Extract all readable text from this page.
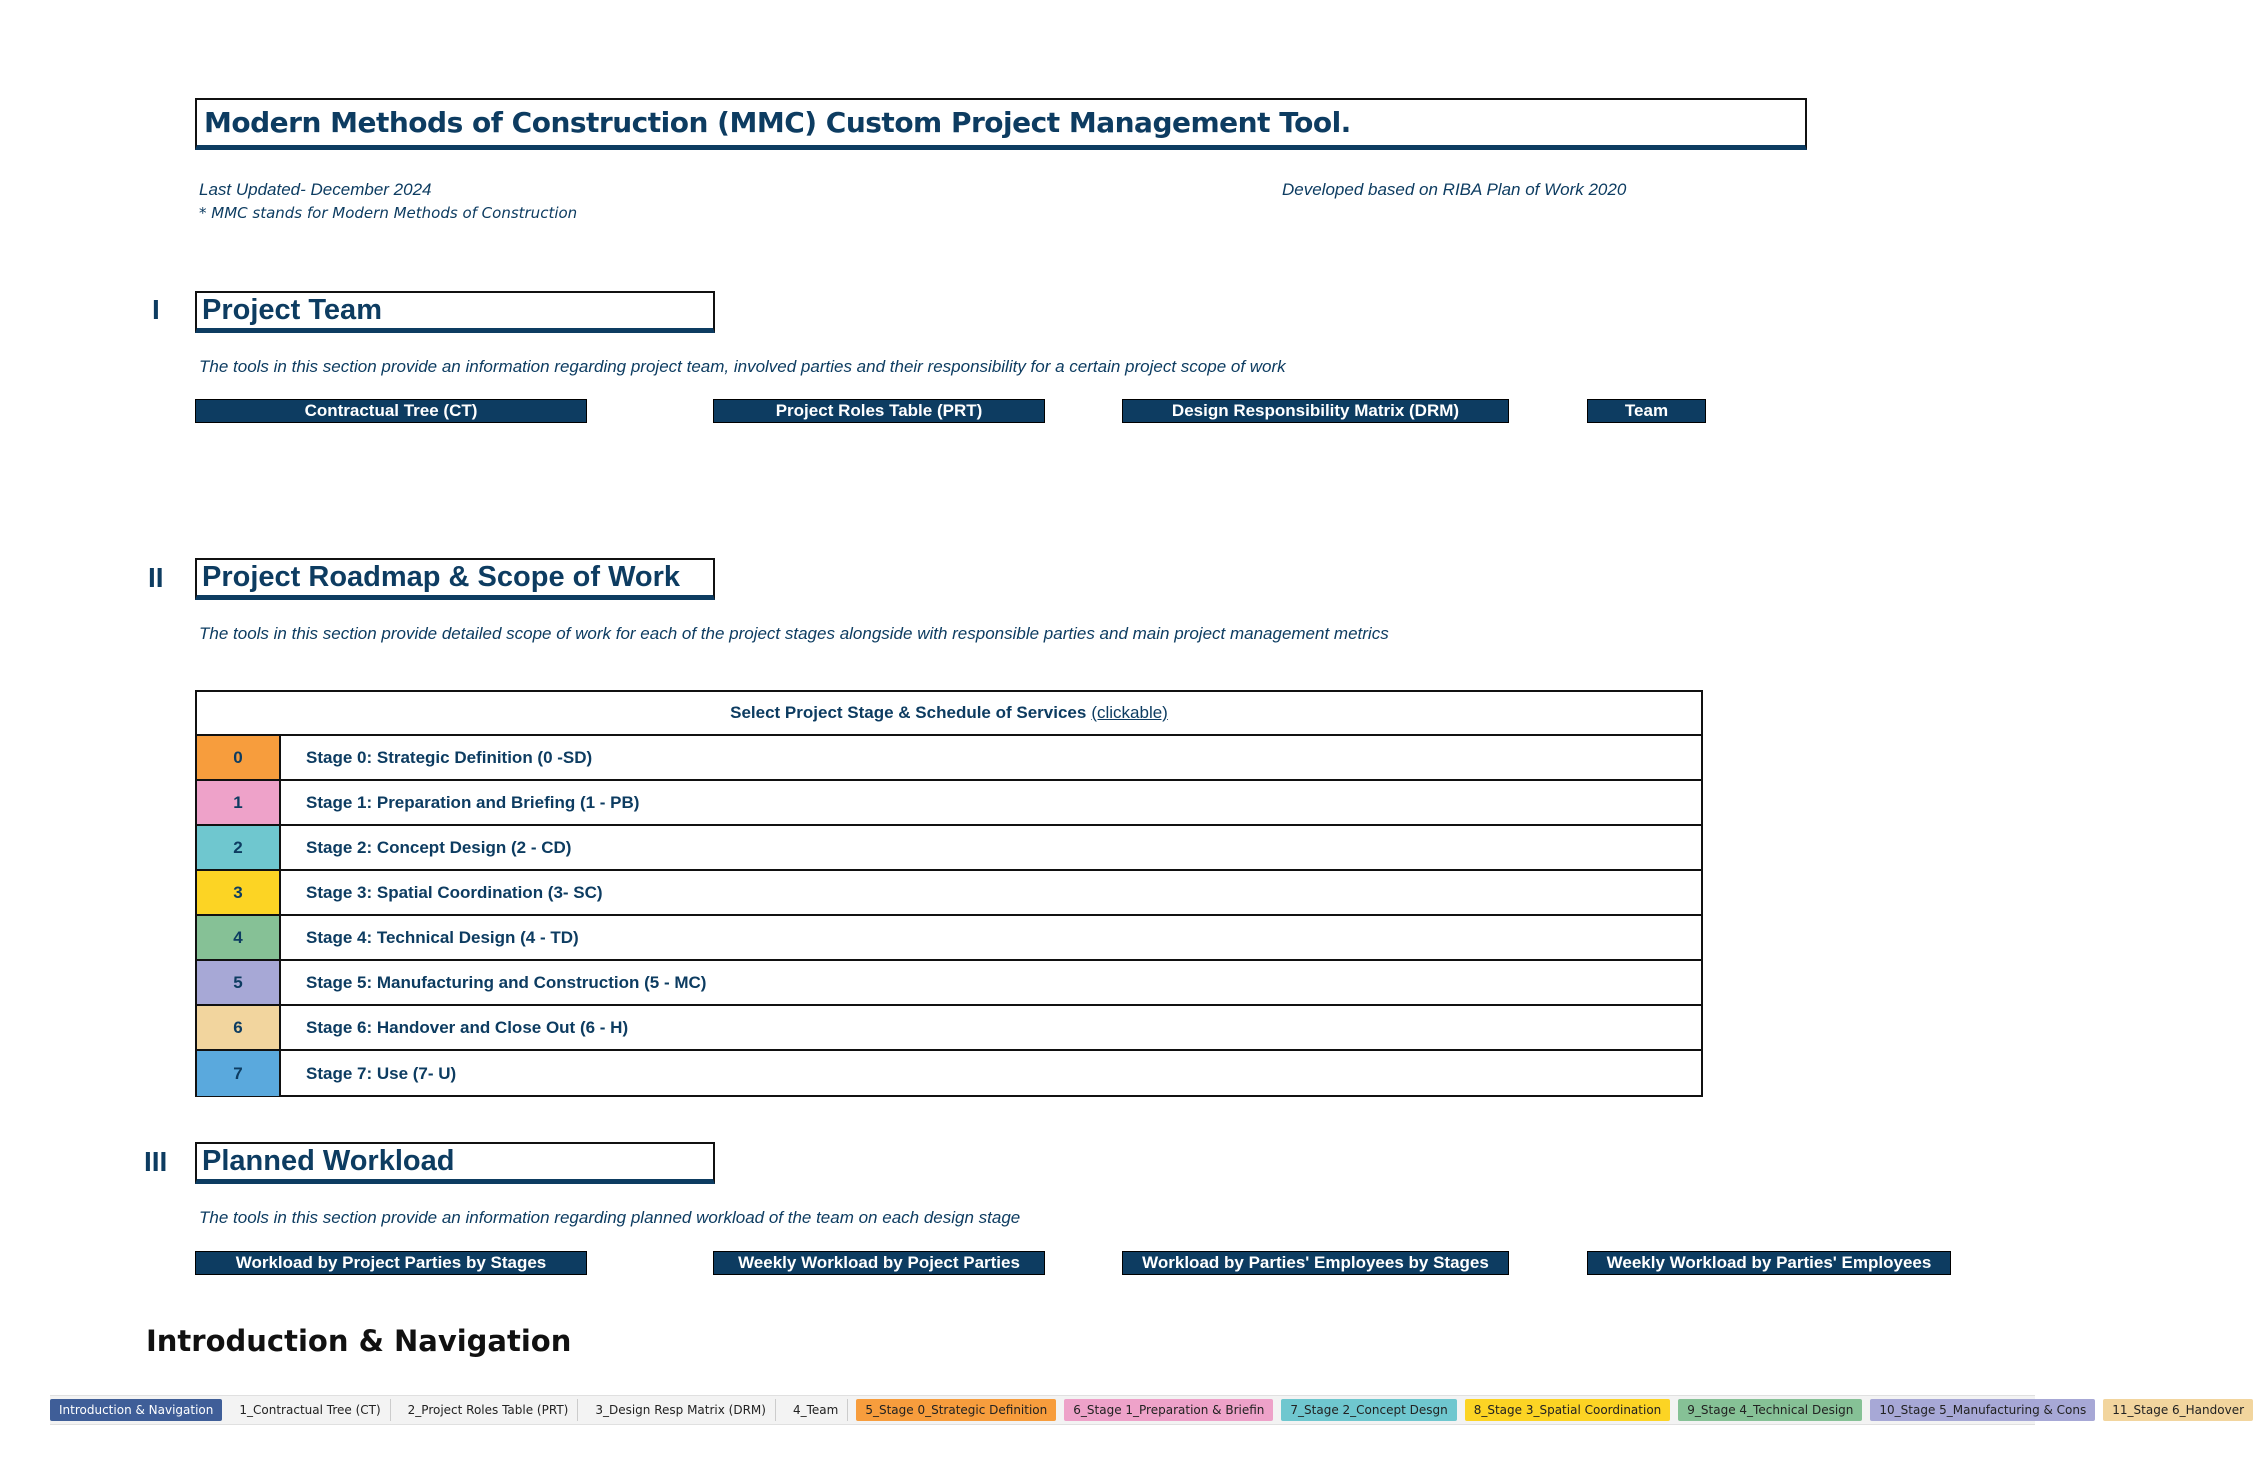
Modern Methods of Construction (MMC) Custom Project Management Tool.
Last Updated- December 2024
* MMC stands for Modern Methods of Construction
Developed based on RIBA Plan of Work 2020
I Project Team
The tools in this section provide an information regarding project team, involved parties and their responsibility for a certain project scope of work
Contractual Tree (CT)	Project Roles Table (PRT)	Design Responsibility Matrix (DRM)	Team
II Project Roadmap & Scope of Work
The tools in this section provide detailed scope of work for each of the project stages alongside with responsible parties and main project management metrics
Select Project Stage & Schedule of Services (clickable)
0	Stage 0: Strategic Definition (0 -SD)
1	Stage 1: Preparation and Briefing (1 - PB)
2	Stage 2: Concept Design (2 - CD)
3	Stage 3: Spatial Coordination (3- SC)
4	Stage 4: Technical Design (4 - TD)
5	Stage 5: Manufacturing and Construction (5 - MC)
6	Stage 6: Handover and Close Out (6 - H)
7	Stage 7: Use (7- U)
III Planned Workload
The tools in this section provide an information regarding planned workload of the team on each design stage
Workload by Project Parties by Stages	Weekly Workload by Poject Parties	Workload by Parties' Employees by Stages	Weekly Workload by Parties' Employees
Introduction & Navigation
Introduction & Navigation	1_Contractual Tree (CT)	2_Project Roles Table (PRT)	3_Design Resp Matrix (DRM)	4_Team	5_Stage 0_Strategic Definition	6_Stage 1_Preparation & Briefin	7_Stage 2_Concept Desgn	8_Stage 3_Spatial Coordination	9_Stage 4_Technical Design	10_Stage 5_Manufacturing & Cons	11_Stage 6_Handover
